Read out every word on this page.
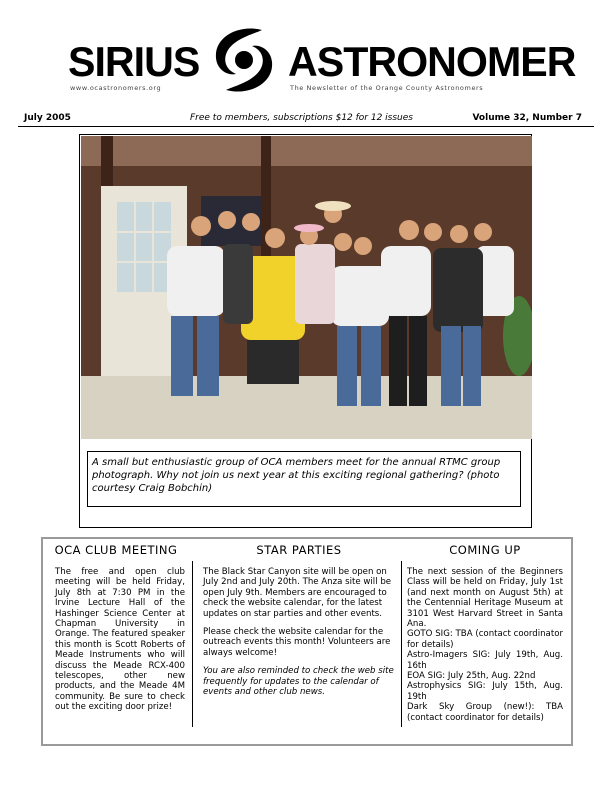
SIRIUS ASTRONOMER
www.ocastronomers.org	The Newsletter of the Orange County Astronomers
July 2005	Free to members, subscriptions $12 for 12 issues	Volume 32, Number 7
A small but enthusiastic group of OCA members meet for the annual RTMC group photograph. Why not join us next year at this exciting regional gathering? (photo courtesy Craig Bobchin)
OCA CLUB MEETING

The free and open club meeting will be held Friday, July 8th at 7:30 PM in the Irvine Lecture Hall of the Hashinger Science Center at Chapman University in Orange. The featured speaker this month is Scott Roberts of Meade Instruments who will discuss the Meade RCX-400 telescopes, other new products, and the Meade 4M community. Be sure to check out the exciting door prize!

STAR PARTIES

The Black Star Canyon site will be open on July 2nd and July 20th. The Anza site will be open July 9th. Members are encouraged to check the website calendar, for the latest updates on star parties and other events.

Please check the website calendar for the outreach events this month! Volunteers are always welcome!

You are also reminded to check the web site frequently for updates to the calendar of events and other club news.

COMING UP

The next session of the Beginners Class will be held on Friday, July 1st (and next month on August 5th) at the Centennial Heritage Museum at 3101 West Harvard Street in Santa Ana.

GOTO SIG: TBA (contact coordinator for details)

Astro-Imagers SIG: July 19th, Aug. 16th

EOA SIG: July 25th, Aug. 22nd

Astrophysics SIG: July 15th, Aug. 19th

Dark Sky Group (new!): TBA (contact coordinator for details)
